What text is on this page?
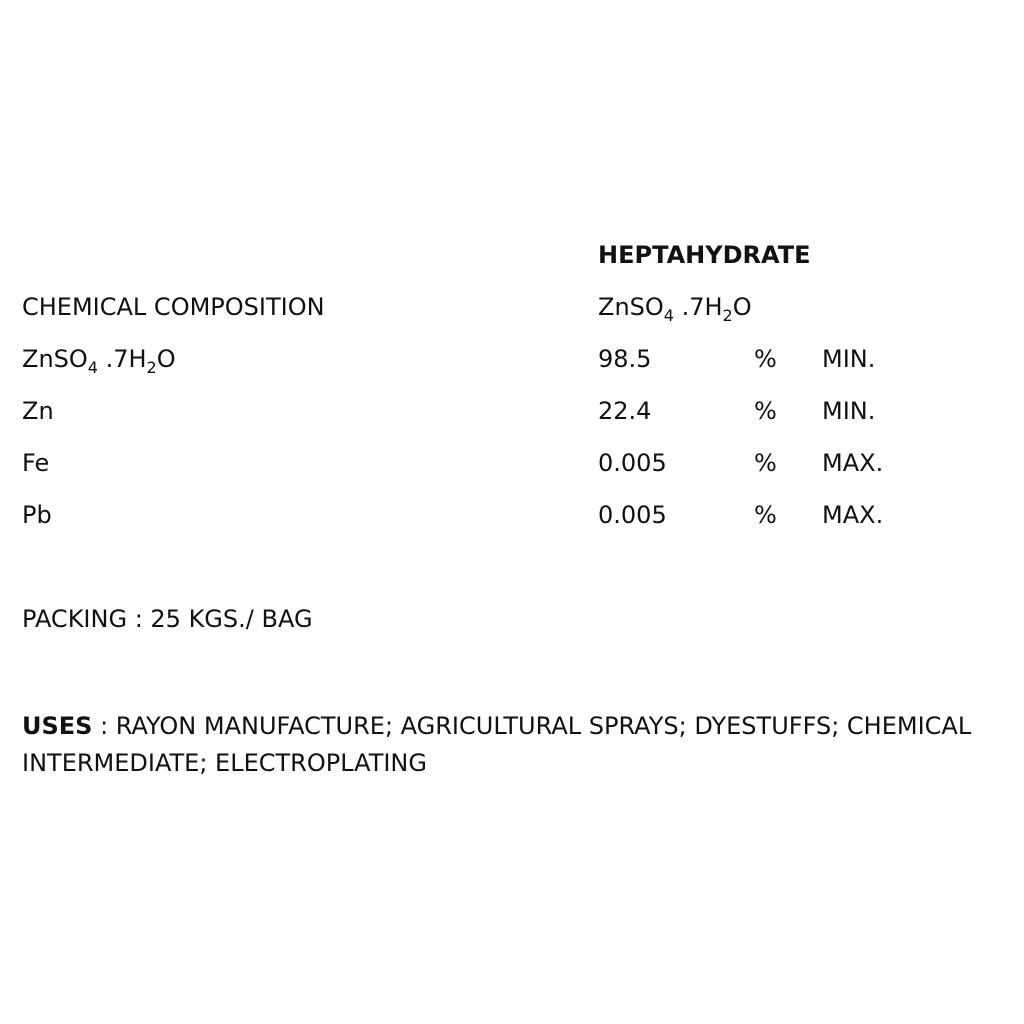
HEPTAHYDRATE
CHEMICAL COMPOSITION	ZnSO$_4$ $.7H_2O$
ZnSO$_4$ $.7H_2O$	98.5	% MIN.
Zn	22.4	% MIN.
Fe	0.005	% MAX.
Pb	0.005	% MAX.
PACKING : 25 KGS./ BAG
USES : RAYON MANUFACTURE; AGRICULTURAL SPRAYS; DYESTUFFS; CHEMICAL INTERMEDIATE; ELECTROPLATING
